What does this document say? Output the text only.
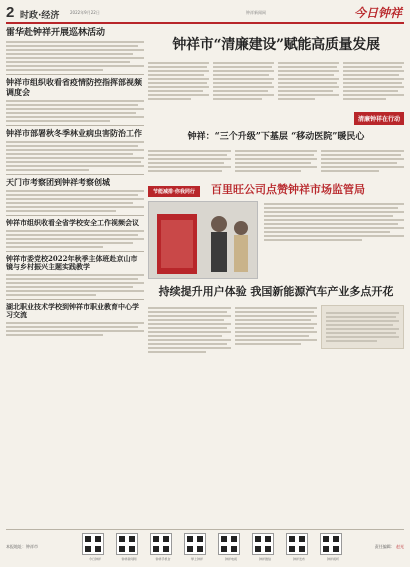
2 时政·经济	2022年9月22日	钟祥新闻网	今日钟祥
雷华赴钟祥开展巡林活动
钟祥市组织收看省疫情防控指挥部视频调度会
钟祥市部署秋冬季林业病虫害防治工作
天门市考察团到钟祥考察创城
钟祥市组织收看全省学校安全工作视频会议
钟祥市委党校2022年秋季主体班赴京山市镜与乡村振兴主题实践教学
湖北职业技术学校到钟祥市职业教育中心学习交流
钟祥市“清廉建设”赋能高质量发展
清廉钟祥在行动
钟祥：“三个升级”下基层 “移动医院”暖民心
节能减排·你我同行 百里旺公司点赞钟祥市场监管局
持续提升用户体验 我国新能源汽车产业多点开花
本报地址：钟祥市
今日钟祥	钟祥新闻网	钟祥手机台	掌上钟祥	钟祥电视	钟祥微信	钟祥发布	钟祥视听
责任编辑： 赵光
